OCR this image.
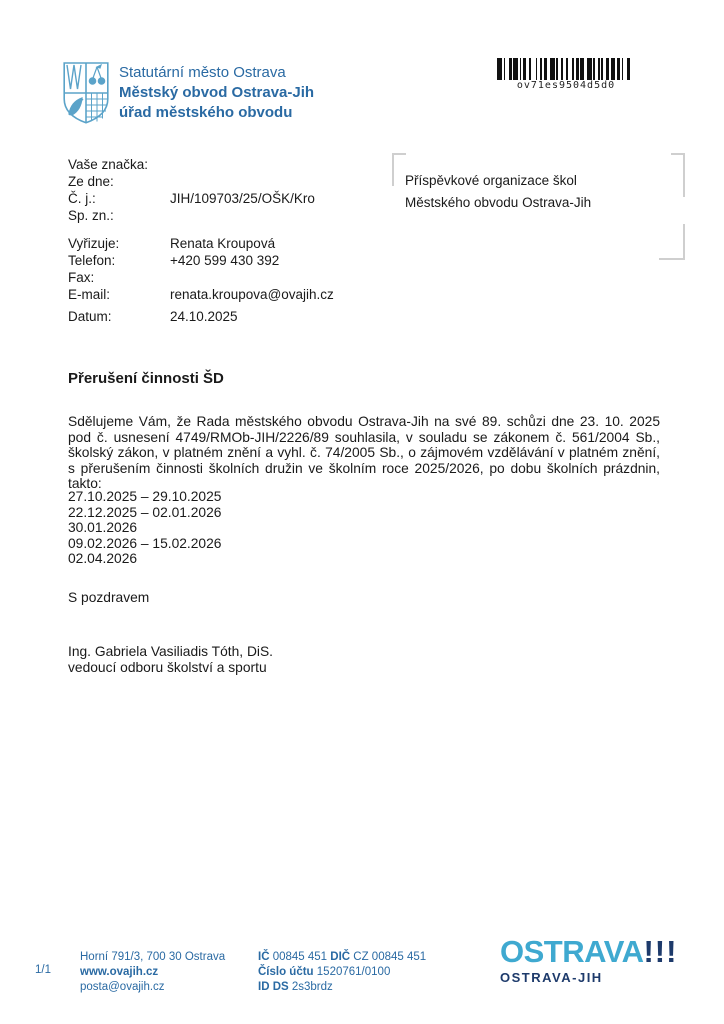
Statutární město Ostrava
Městský obvod Ostrava-Jih
úřad městského obvodu
ov71es9504d5d0
Vaše značka:
Ze dne:
Č. j.:	JIH/109703/25/OŠK/Kro
Sp. zn.:
Vyřizuje:	Renata Kroupová
Telefon:	+420 599 430 392
Fax:
E-mail:	renata.kroupova@ovajih.cz
Datum:	24.10.2025
Příspěvkové organizace škol
Městského obvodu Ostrava-Jih
Přerušení činnosti ŠD
Sdělujeme Vám, že Rada městského obvodu Ostrava-Jih na své 89. schůzi dne 23. 10. 2025 pod č. usnesení 4749/RMOb-JIH/2226/89 souhlasila, v souladu se zákonem č. 561/2004 Sb., školský zákon, v platném znění a vyhl. č. 74/2005 Sb., o zájmovém vzdělávání v platném znění, s přerušením činnosti školních družin ve školním roce 2025/2026, po dobu školních prázdnin, takto:
27.10.2025 – 29.10.2025
22.12.2025 – 02.01.2026
30.01.2026
09.02.2026 – 15.02.2026
02.04.2026
S pozdravem
Ing. Gabriela Vasiliadis Tóth, DiS.
vedoucí odboru školství a sportu
1/1
Horní 791/3, 700 30 Ostrava
www.ovajih.cz
posta@ovajih.cz
IČ 00845 451 DIČ CZ 00845 451
Číslo účtu 1520761/0100
ID DS 2s3brdz
OSTRAVA!!!
OSTRAVA-JIH
